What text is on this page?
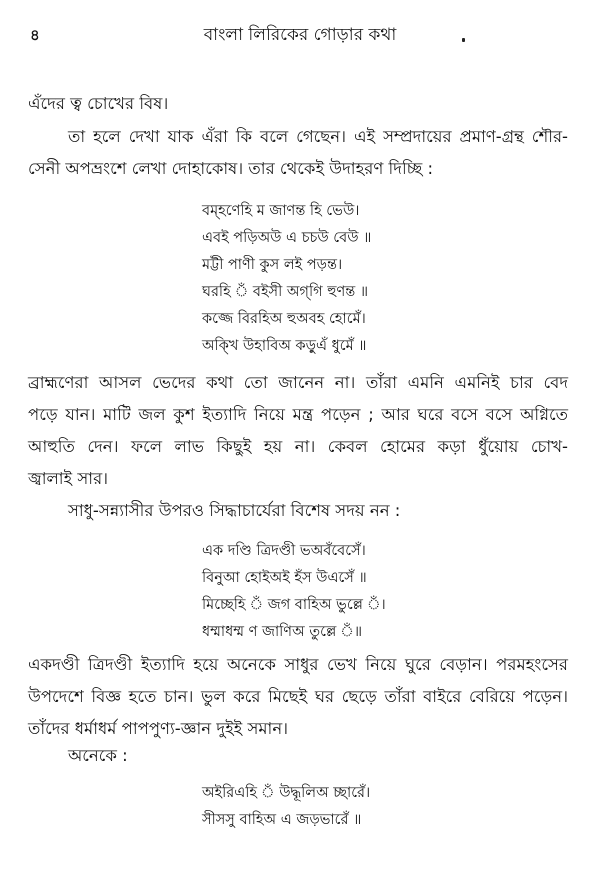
৪	বাংলা লিরিকের গোড়ার কথা
এঁদের ত্ব চোখের বিষ।
তা হলে দেখা যাক এঁরা কি বলে গেছেন। এই সম্প্রদায়ের প্রমাণ-গ্রন্থ শৌর-
সেনী অপভ্রংশে লেখা দোহাকোষ। তার থেকেই উদাহরণ দিচ্ছি :
বম্হণেহি ম জাণন্ত হি ভেউ।
এবই পড়িঅউ এ চচউ বেউ ॥
মট্টী পাণী কুস লই পড়ন্ত।
ঘরহি ঁ বইসী অগ্‌গি হুণন্ত ॥
কজ্জে বিরহিঅ হুঅবহ হোমেঁ।
অক্খি উহাবিঅ কড়ুএঁ ধুমেঁ ॥
ব্রাহ্মণেরা আসল ভেদের কথা তো জানেন না। তাঁরা এমনি এমনিই চার বেদ
পড়ে যান। মাটি জল কুশ ইত্যাদি নিয়ে মন্ত্র পড়েন ; আর ঘরে বসে বসে অগ্নিতে
আহুতি দেন। ফলে লাভ কিছুই হয় না। কেবল হোমের কড়া ধুঁয়োয় চোখ-
জ্বালাই সার।
সাধু-সন্ন্যাসীর উপরও সিদ্ধাচার্যেরা বিশেষ সদয় নন :
এক দণ্ডি ত্রিদণ্ডী ভঅবঁবেসেঁ।
বিনুআ হোইঅই হঁস উএসেঁ ॥
মিচ্ছেহি ঁ জগ বাহিঅ ভুল্লে ঁ।
ধম্মাধম্ম ণ জাণিঅ তুল্লে ঁ॥
একদণ্ডী ত্রিদণ্ডী ইত্যাদি হয়ে অনেকে সাধুর ভেখ নিয়ে ঘুরে বেড়ান। পরমহংসের
উপদেশে বিজ্ঞ হতে চান। ভুল করে মিছেই ঘর ছেড়ে তাঁরা বাইরে বেরিয়ে পড়েন।
তাঁদের ধর্মাধর্ম পাপপুণ্য-জ্ঞান দুইই সমান।
অনেকে :
অইরিএহি ঁ উদ্ধূলিঅ চ্ছারেঁ।
সীসসু বাহিঅ এ জড়ভারেঁ ॥
